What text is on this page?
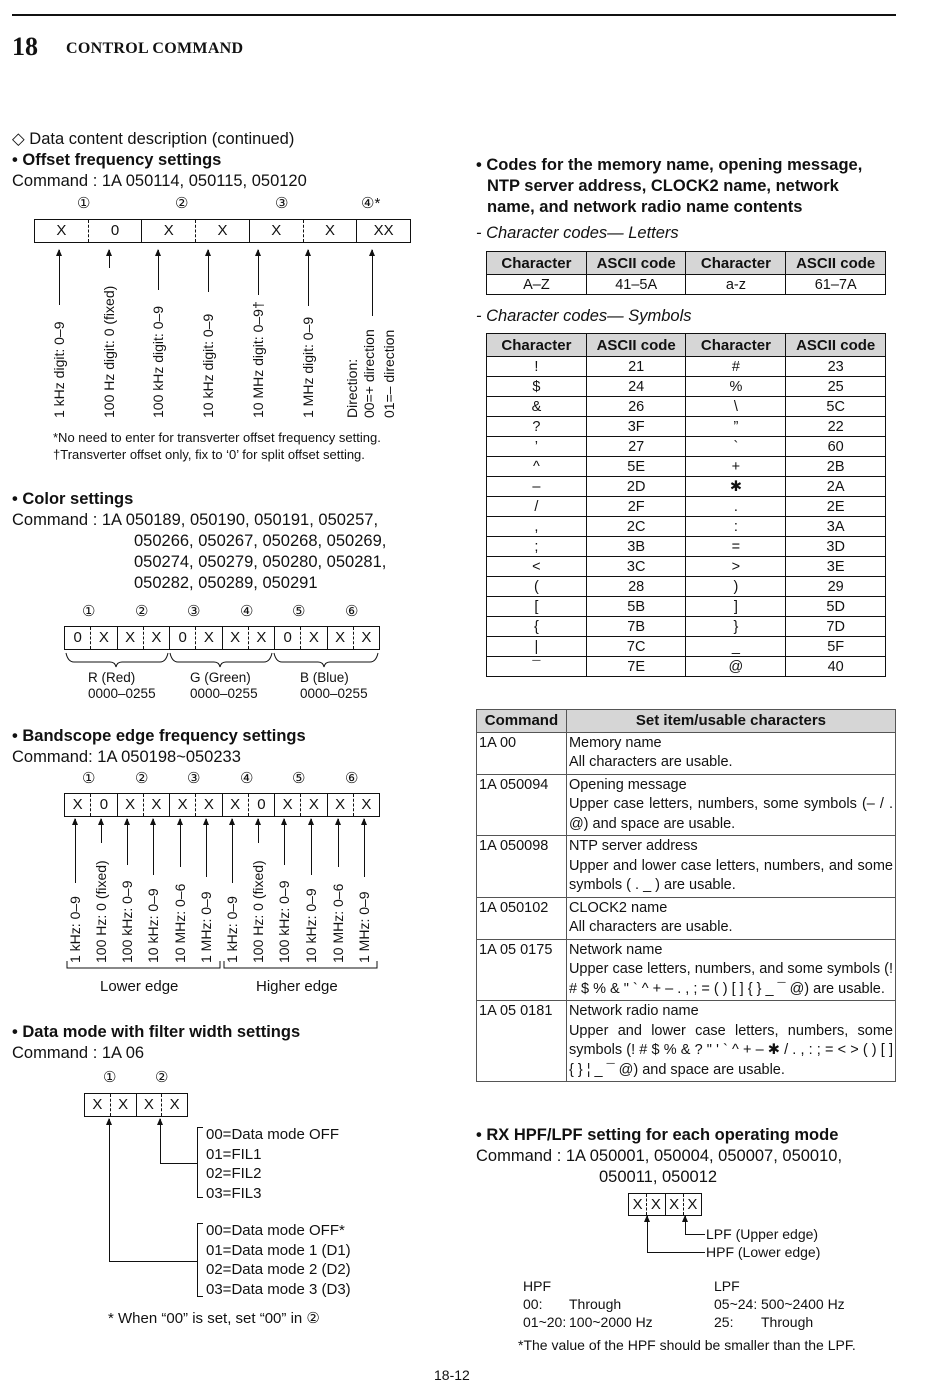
18 CONTROL COMMAND
◇ Data content description (continued)
• Offset frequency settings
Command : 1A 050114, 050115, 050120
①	②	③	④*
X	0	X	X	X	X	XX
1 kHz digit: 0–9 100 Hz digit: 0 (fixed) 100 kHz digit: 0–9 10 kHz digit: 0–9 10 MHz digit: 0–9† 1 MHz digit: 0–9 Direction: 00=+ direction 01=– direction
*No need to enter for transverter offset frequency setting.
†Transverter offset only, fix to ‘0’ for split offset setting.
• Color settings
Command : 1A 050189, 050190, 050191, 050257,
050266, 050267, 050268, 050269,
050274, 050279, 050280, 050281,
050282, 050289, 050291
①	②	③	④	⑤	⑥
0	X	X	X	0	X	X	X	0	X	X	X
R (Red)
0000–0255
G (Green)
0000–0255
B (Blue)
0000–0255
• Bandscope edge frequency settings
Command: 1A 050198~050233
①	②	③	④	⑤	⑥
X	0	X	X	X	X	X	0	X	X	X	X
1 kHz: 0–9 100 Hz: 0 (fixed) 100 kHz: 0–9 10 kHz: 0–9 10 MHz: 0–6 1 MHz: 0–9 1 kHz: 0–9 100 Hz: 0 (fixed) 100 kHz: 0–9 10 kHz: 0–9 10 MHz: 0–6 1 MHz: 0–9
Lower edge	Higher edge
• Data mode with filter width settings
Command : 1A 06
①	②
X	X	X	X
00=Data mode OFF
01=FIL1
02=FIL2
03=FIL3
00=Data mode OFF*
01=Data mode 1 (D1)
02=Data mode 2 (D2)
03=Data mode 3 (D3)
* When “00” is set, set “00” in ②
• Codes for the memory name, opening message,
NTP server address, CLOCK2 name, network
name, and network radio name contents
- Character codes— Letters
Character	ASCII code	Character	ASCII code
A–Z	41–5A	a-z	61–7A
- Character codes— Symbols
Character	ASCII code	Character	ASCII code
!	21	#	23
$	24	%	25
&	26	\	5C
?	3F	”	22
’	27	`	60
^	5E	+	2B
–	2D	✱	2A
/	2F	.	2E
,	2C	:	3A
;	3B	=	3D
<	3C	>	3E
(	28	)	29
[	5B	]	5D
{	7B	}	7D
|	7C	_	5F
¯	7E	@	40
Command	Set item/usable characters
1A 00	Memory name
All characters are usable.

1A 050094	Opening message
Upper case letters, numbers, some symbols (– / . @) and space are usable.

1A 050098	NTP server address
Upper and lower case letters, numbers, and some symbols ( . _ ) are usable.

1A 050102	CLOCK2 name
All characters are usable.

1A 05 0175	Network name
Upper case letters, numbers, and some symbols (! # $ % & " ` ^ + – . , ; = ( ) [ ] { } _ ¯ @) are usable.

1A 05 0181	Network radio name
Upper and lower case letters, numbers, some symbols (! # $ % & ? " ' ` ^ + – ✱ / . , : ; = < > ( ) [ ] { } ¦ _ ¯ @) and space are usable.
• RX HPF/LPF setting for each operating mode
Command : 1A 050001, 050004, 050007, 050010,
050011, 050012
X X X X
LPF (Upper edge)
HPF (Lower edge)
HPF
00: Through
01~20: 100~2000 Hz
LPF
05~24: 500~2400 Hz
25: Through
*The value of the HPF should be smaller than the LPF.
18-12
